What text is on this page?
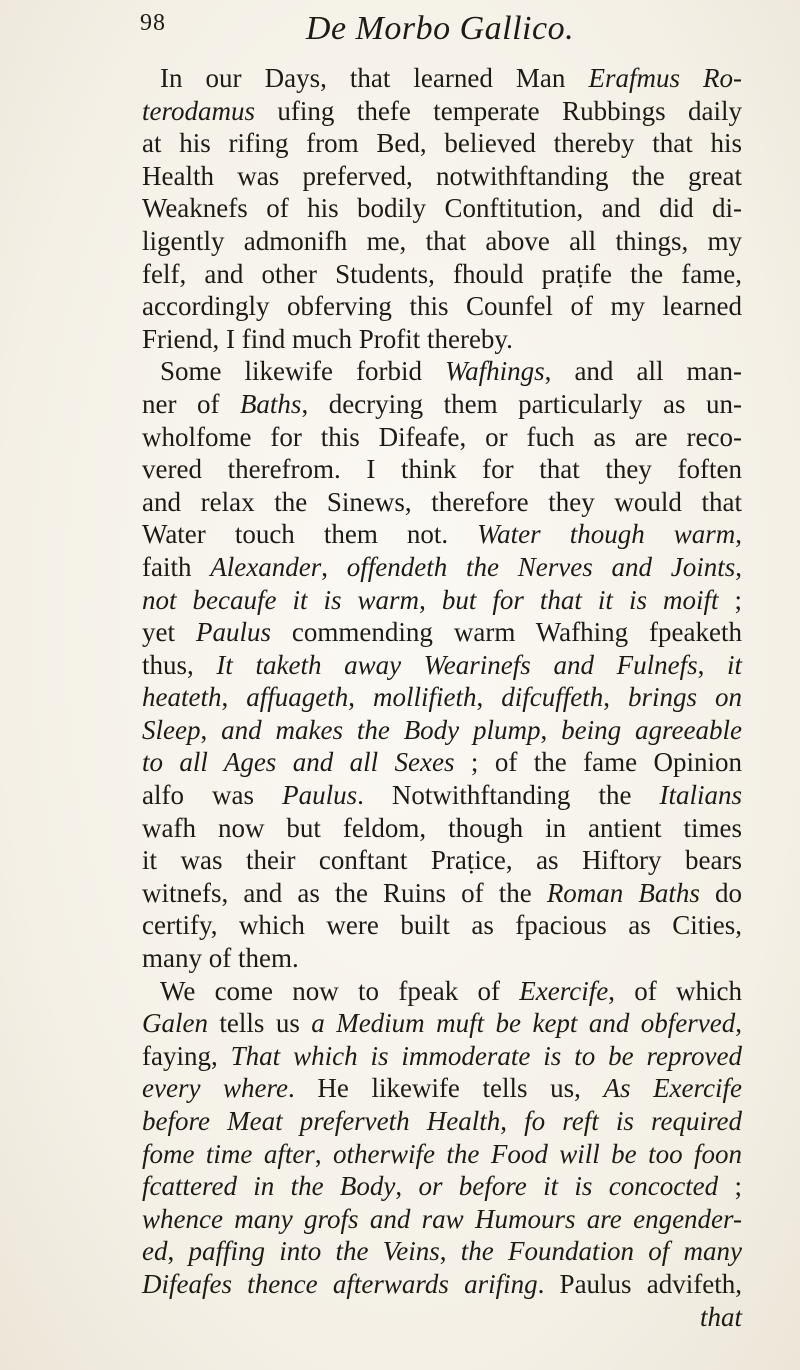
98	De Morbo Gallico.
In our Days, that learned Man Erafmus Ro-
terodamus ufing thefe temperate Rubbings daily
at his rifing from Bed, believed thereby that his
Health was preferved, notwithftanding the great
Weaknefs of his bodily Conftitution, and did di-
ligently admonifh me, that above all things, my
felf, and other Students, fhould praṭife the fame,
accordingly obferving this Counfel of my learned
Friend, I find much Profit thereby.
Some likewife forbid Wafhings, and all man-
ner of Baths, decrying them particularly as un-
wholfome for this Difeafe, or fuch as are reco-
vered therefrom. I think for that they foften
and relax the Sinews, therefore they would that
Water touch them not. Water though warm,
faith Alexander, offendeth the Nerves and Joints,
not becaufe it is warm, but for that it is moift ;
yet Paulus commending warm Wafhing fpeaketh
thus, It taketh away Wearinefs and Fulnefs, it
heateth, affuageth, mollifieth, difcuffeth, brings on
Sleep, and makes the Body plump, being agreeable
to all Ages and all Sexes ; of the fame Opinion
alfo was Paulus. Notwithftanding the Italians
wafh now but feldom, though in antient times
it was their conftant Praṭice, as Hiftory bears
witnefs, and as the Ruins of the Roman Baths do
certify, which were built as fpacious as Cities,
many of them.
We come now to fpeak of Exercife, of which
Galen tells us a Medium muft be kept and obferved,
faying, That which is immoderate is to be reproved
every where. He likewife tells us, As Exercife
before Meat preferveth Health, fo reft is required
fome time after, otherwife the Food will be too foon
fcattered in the Body, or before it is concocted ;
whence many grofs and raw Humours are engender-
ed, paffing into the Veins, the Foundation of many
Difeafes thence afterwards arifing. Paulus advifeth,
that
